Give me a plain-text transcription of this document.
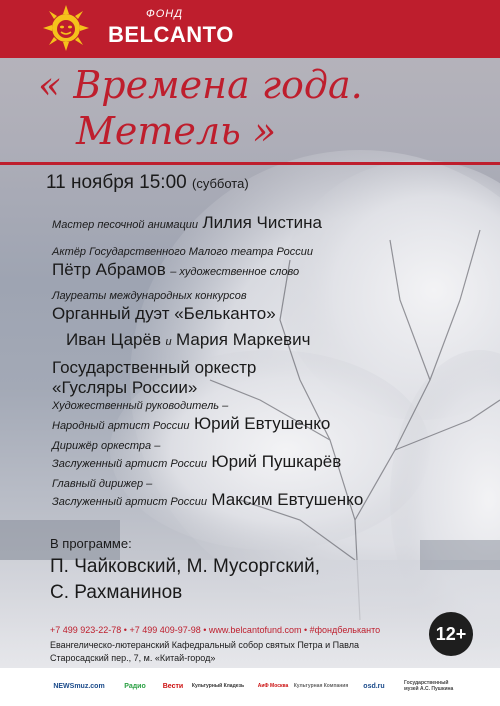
ФОНД
BELCANTO
« Времена года.
Метель »
11 ноября 15:00 (суббота)
Мастер песочной анимации Лилия Чистина
Актёр Государственного Малого театра России
Пётр Абрамов – художественное слово
Лауреаты международных конкурсов
Органный дуэт «Бельканто»
Иван Царёв и Мария Маркевич
Государственный оркестр
«Гусляры России»
Художественный руководитель –
Народный артист России Юрий Евтушенко
Дирижёр оркестра –
Заслуженный артист России Юрий Пушкарёв
Главный дирижер –
Заслуженный артист России Максим Евтушенко
В программе:
П. Чайковский, М. Мусоргский,
С. Рахманинов
+7 499 923-22-78 • +7 499 409-97-98 • www.belcantofund.com • #фондбельканто
Евангелическо-лютеранский Кафедральный собор святых Петра и Павла
Старосадский пер., 7, м. «Китай-город»
12+
NEWSmuz.com	Радио	Вести	Культурный Кладезь	АиФ Москва	Культурная Компания	osd.ru	Государственный музей А.С. Пушкина
